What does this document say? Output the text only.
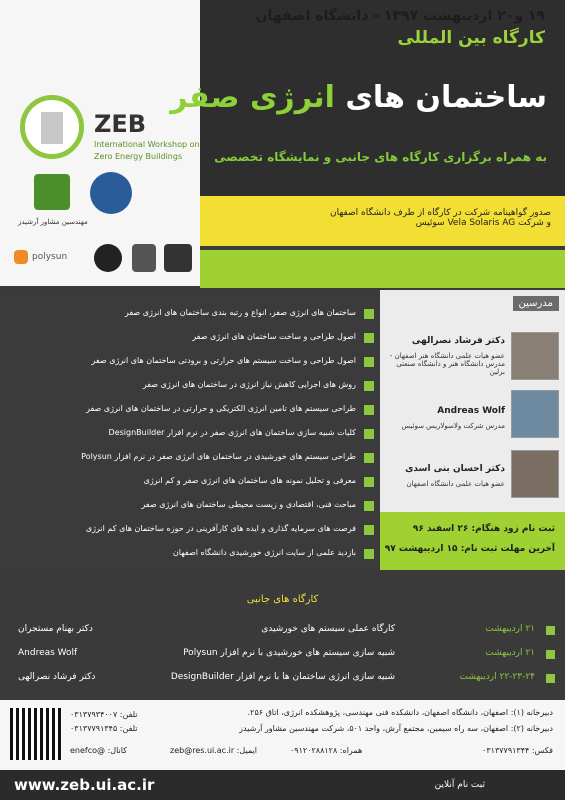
ZEB
International Workshop on
Zero Energy Buildings
کارگاه بین المللی
ساختمان های انرژی صفر
به همراه برگزاری کارگاه های جانبی و نمایشگاه تخصصی
مهندسین مشاور آرشیدز
polysun
صدور گواهینامه شرکت در کارگاه از طرف دانشگاه اصفهان
و شرکت Vela Solaris AG سوئیس
۱۹ و۲۰ اردیبهشت ۱۳۹۷ - دانشگاه اصفهان
ساختمان های انرژی صفر، انواع و رتبه بندی ساختمان های انرژی صفر
اصول طراحی و ساخت ساختمان های انرژی صفر
اصول طراحی و ساخت سیستم های حرارتی و برودتی ساختمان های انرژی صفر
روش های اجرایی کاهش نیاز انرژی در ساختمان های انرژی صفر
طراحی سیستم های تامین انرژی الکتریکی و حرارتی در ساختمان های انرژی صفر
کلیات شبیه سازی ساختمان های انرژی صفر در نرم افزار DesignBuilder
طراحی سیستم های خورشیدی در ساختمان های انرژی صفر در نرم افزار Polysun
معرفی و تحلیل نمونه های ساختمان های انرژی صفر و کم انرژی
مباحث فنی، اقتصادی و زیست محیطی ساختمان های انرژی صفر
فرصت های سرمایه گذاری و ایده های کارآفرینی در حوزه ساختمان های کم انرژی
بازدید علمی از سایت انرژی خورشیدی دانشگاه اصفهان
مدرسین
دکتر فرشاد نصرالهی
عضو هیات علمی دانشگاه هنر اصفهان - مدرس دانشگاه هنر و دانشگاه صنعتی برلین
Andreas Wolf
مدرس شرکت ولاسولاریس سوئیس
دکتر احسان بنی اسدی
عضو هیات علمی دانشگاه اصفهان
ثبت نام زود هنگام: ۲۶ اسفند ۹۶
آخرین مهلت ثبت نام: ۱۵ اردیبهشت ۹۷
کارگاه های جانبی
۲۱ اردیبهشت
کارگاه عملی سیستم های خورشیدی
دکتر بهنام مستجران
۲۱ اردیبهشت
شبیه سازی سیستم های خورشیدی با نرم افزار Polysun
Andreas Wolf
۲۲-۲۳-۲۴ اردیبهشت
شبیه سازی انرژی ساختمان ها با نرم افزار DesignBuilder
دکتر فرشاد نصرالهی
دبیرخانه (۱): اصفهان، دانشگاه اصفهان، دانشکده فنی مهندسی، پژوهشکده انرژی، اتاق ۲۵۶.
دبیرخانه (۲): اصفهان، سه راه سیمین، مجتمع آرش، واحد ۵۰۱، شرکت مهندسین مشاور آرشیدز
تلفن: ۰۳۱۳۷۹۳۴۰۰۷
تلفن: ۰۳۱۳۷۷۹۱۳۴۵
فکس: ۰۳۱۳۷۷۹۱۳۴۴
همراه: ۰۹۱۲۰۲۸۸۱۲۸
ایمیل: zeb@res.ui.ac.ir
کانال: @enefco
www.zeb.ui.ac.ir	ثبت نام آنلاین
